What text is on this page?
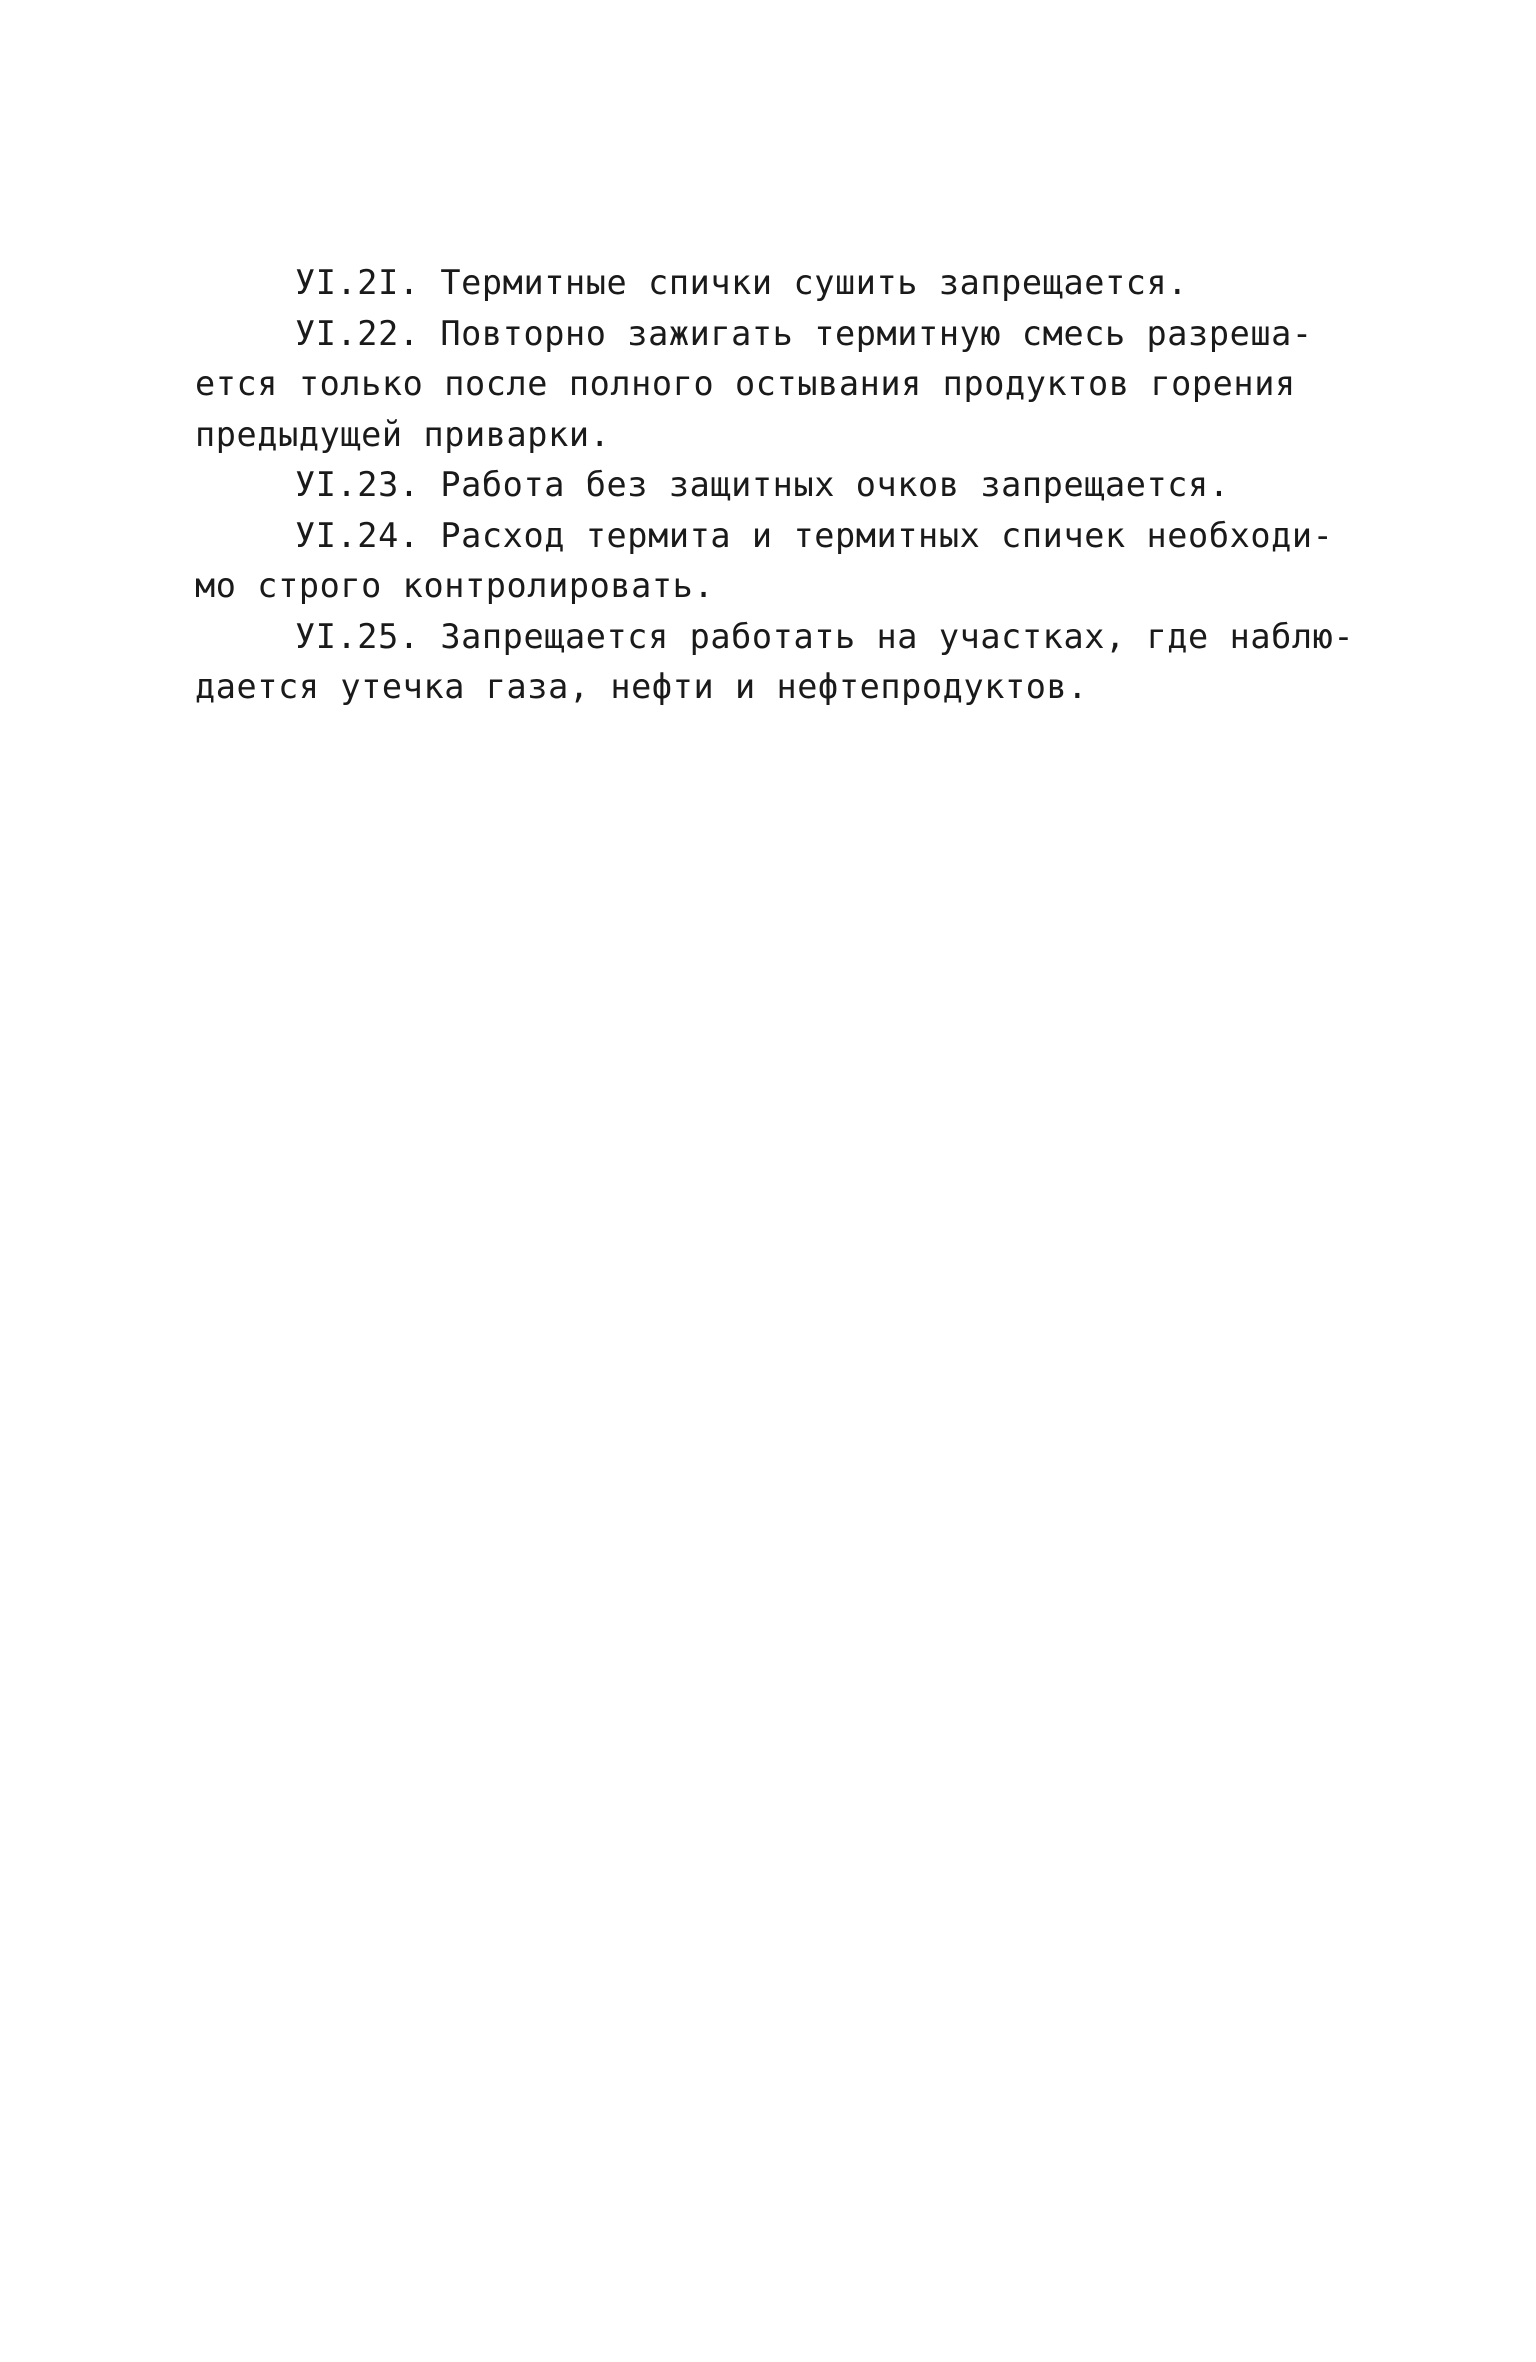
УI.2I. Термитные спички сушить запрещается.
УI.22. Повторно зажигать термитную смесь разреша-
ется только после полного остывания продуктов горения
предыдущей приварки.
УI.23. Работа без защитных очков запрещается.
УI.24. Расход термита и термитных спичек необходи-
мо строго контролировать.
УI.25. Запрещается работать на участках, где наблю-
дается утечка газа, нефти и нефтепродуктов.
